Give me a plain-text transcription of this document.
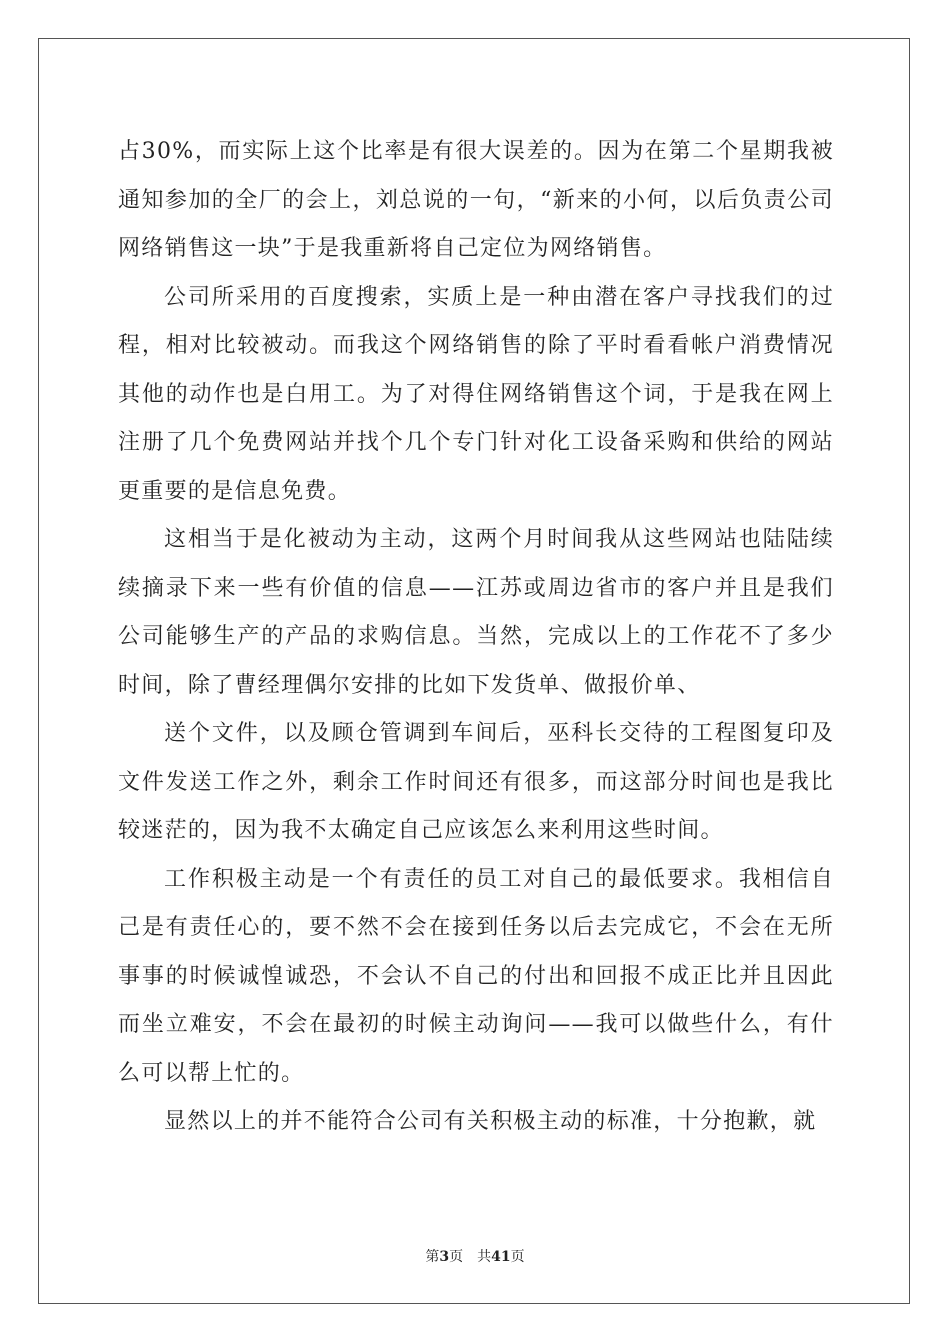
占30%，而实际上这个比率是有很大误差的。因为在第二个星期我被通知参加的全厂的会上，刘总说的一句，“新来的小何，以后负责公司网络销售这一块”于是我重新将自己定位为网络销售。

公司所采用的百度搜索，实质上是一种由潜在客户寻找我们的过程，相对比较被动。而我这个网络销售的除了平时看看帐户消费情况其他的动作也是白用工。为了对得住网络销售这个词，于是我在网上注册了几个免费网站并找个几个专门针对化工设备采购和供给的网站更重要的是信息免费。

这相当于是化被动为主动，这两个月时间我从这些网站也陆陆续续摘录下来一些有价值的信息——江苏或周边省市的客户并且是我们公司能够生产的产品的求购信息。当然，完成以上的工作花不了多少时间，除了曹经理偶尔安排的比如下发货单、做报价单、

送个文件，以及顾仓管调到车间后，巫科长交待的工程图复印及文件发送工作之外，剩余工作时间还有很多，而这部分时间也是我比较迷茫的，因为我不太确定自己应该怎么来利用这些时间。

工作积极主动是一个有责任的员工对自己的最低要求。我相信自己是有责任心的，要不然不会在接到任务以后去完成它，不会在无所事事的时候诚惶诚恐，不会认不自己的付出和回报不成正比并且因此而坐立难安，不会在最初的时候主动询问——我可以做些什么，有什么可以帮上忙的。

显然以上的并不能符合公司有关积极主动的标准，十分抱歉，就

第3页 共41页
